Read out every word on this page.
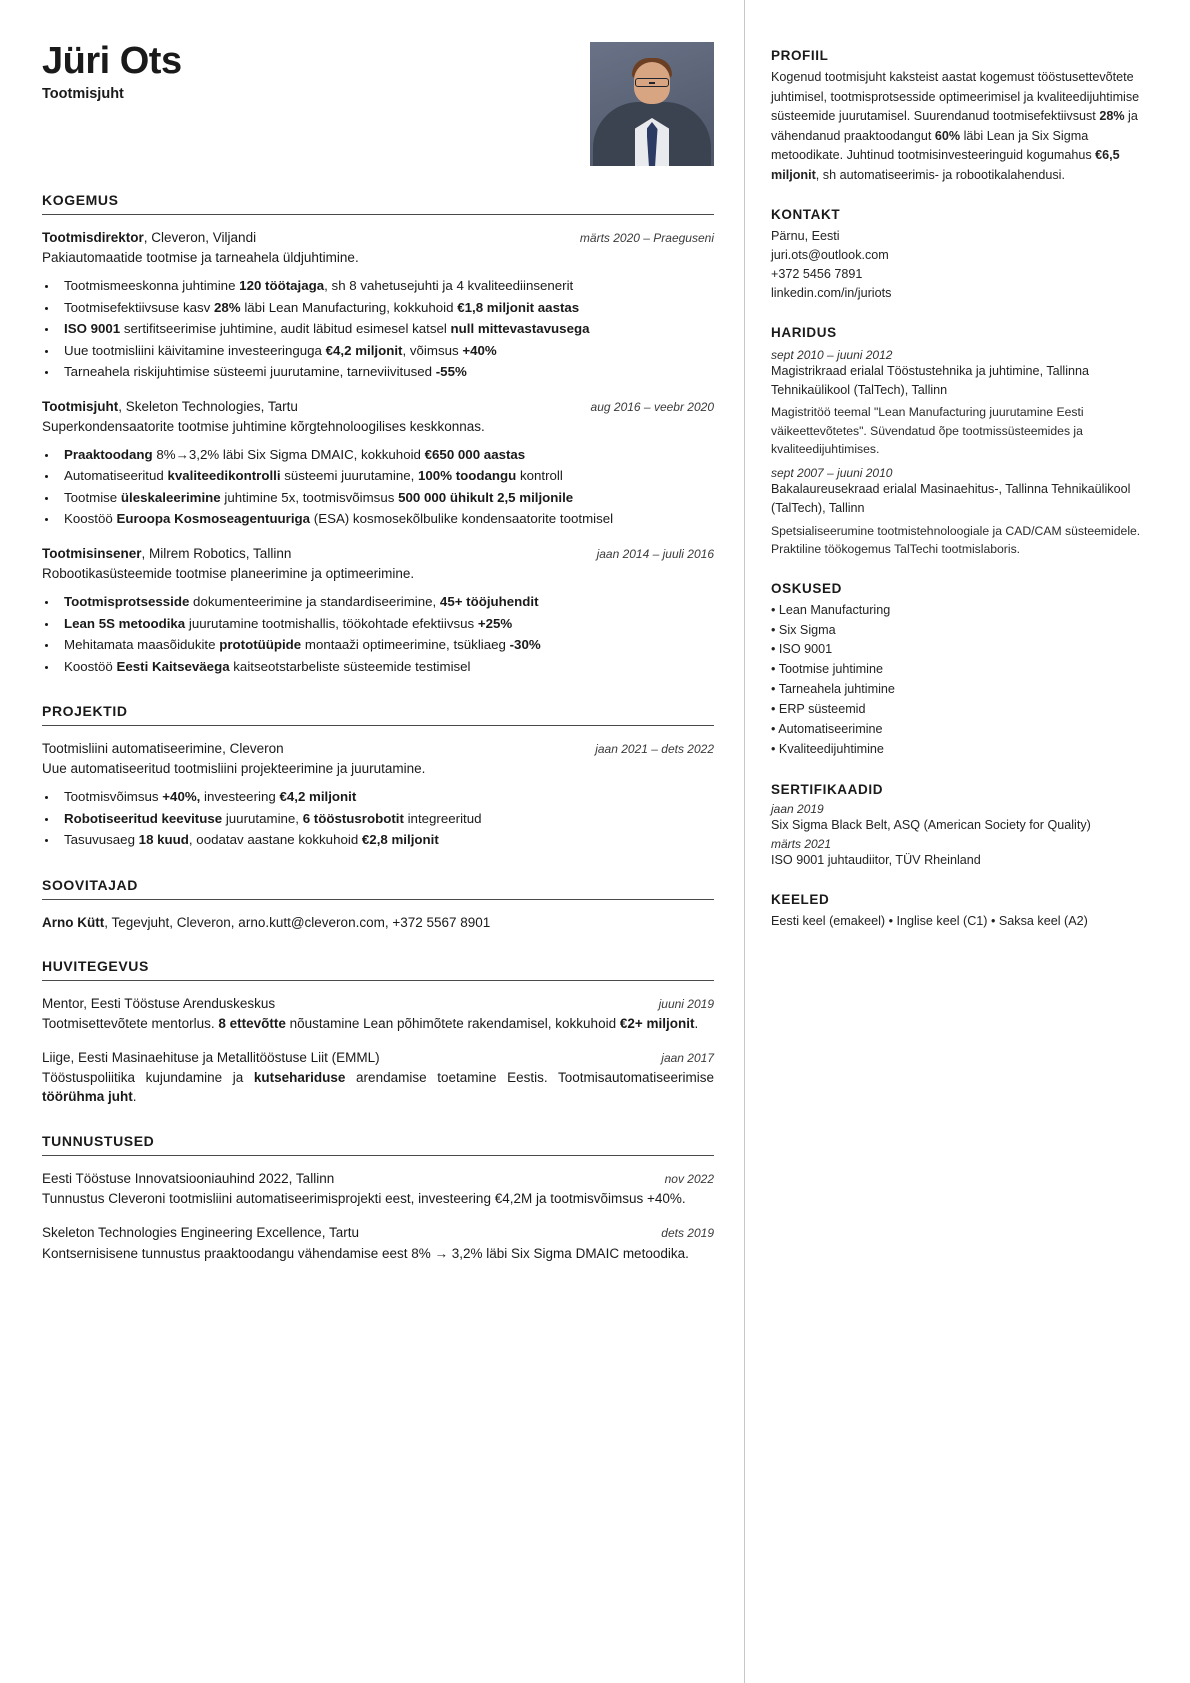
Jüri Ots
Tootmisjuht
KOGEMUS
Tootmisdirektor, Cleveron, Viljandi	märts 2020 – Praeguseni
Pakiautomaatide tootmise ja tarneahela üldjuhtimine.
• Tootmismeeskonna juhtimine 120 töötajaga, sh 8 vahetusejuhti ja 4 kvaliteediinsenerit
• Tootmisefektiivsuse kasv 28% läbi Lean Manufacturing, kokkuhoid €1,8 miljonit aastas
• ISO 9001 sertifitseerimise juhtimine, audit läbitud esimesel katsel null mittevastavusega
• Uue tootmisliini käivitamine investeeringuga €4,2 miljonit, võimsus +40%
• Tarneahela riskijuhtimise süsteemi juurutamine, tarneviivitused -55%
Tootmisjuht, Skeleton Technologies, Tartu	aug 2016 – veebr 2020
Superkondensaatorite tootmise juhtimine kõrgtehnoloogilises keskkonnas.
• Praaktoodang 8%→3,2% läbi Six Sigma DMAIC, kokkuhoid €650 000 aastas
• Automatiseeritud kvaliteedikontrolli süsteemi juurutamine, 100% toodangu kontroll
• Tootmise üleskaleerimine juhtimine 5x, tootmisvõimsus 500 000 ühikult 2,5 miljonile
• Koostöö Euroopa Kosmoseagentuuriga (ESA) kosmosekõlbulike kondensaatorite tootmisel
Tootmisinsener, Milrem Robotics, Tallinn	jaan 2014 – juuli 2016
Robootikasüsteemide tootmise planeerimine ja optimeerimine.
• Tootmisprotsesside dokumenteerimine ja standardiseerimine, 45+ tööjuhendit
• Lean 5S metoodika juurutamine tootmishallis, töökohtade efektiivsus +25%
• Mehitamata maasõidukite prototüüpide montaaži optimeerimine, tsükliaeg -30%
• Koostöö Eesti Kaitseväega kaitseotstarbeliste süsteemide testimisel
PROJEKTID
Tootmisliini automatiseerimine, Cleveron	jaan 2021 – dets 2022
Uue automatiseeritud tootmisliini projekteerimine ja juurutamine.
• Tootmisvõimsus +40%, investeering €4,2 miljonit
• Robotiseeritud keevituse juurutamine, 6 tööstusrobotit integreeritud
• Tasuvusaeg 18 kuud, oodatav aastane kokkuhoid €2,8 miljonit
SOOVITAJAD
Arno Kütt, Tegevjuht, Cleveron, arno.kutt@cleveron.com, +372 5567 8901
HUVITEGEVUS
Mentor, Eesti Tööstuse Arenduskeskus	juuni 2019
Tootmisettevõtete mentorlus. 8 ettevõtte nõustamine Lean põhimõtete rakendamisel, kokkuhoid €2+ miljonit.
Liige, Eesti Masinaehituse ja Metallitööstuse Liit (EMML)	jaan 2017
Tööstuspoliitika kujundamine ja kutsehariduse arendamise toetamine Eestis. Tootmisautomatiseerimise töörühma juht.
TUNNUSTUSED
Eesti Tööstuse Innovatsiooniauhind 2022, Tallinn	nov 2022
Tunnustus Cleveroni tootmisliini automatiseerimisprojekti eest, investeering €4,2M ja tootmisvõimsus +40%.
Skeleton Technologies Engineering Excellence, Tartu	dets 2019
Kontsernisisene tunnustus praaktoodangu vähendamise eest 8% → 3,2% läbi Six Sigma DMAIC metoodika.
PROFIIL
Kogenud tootmisjuht kaksteist aastat kogemust tööstusettevõtete juhtimisel, tootmisprotsesside optimeerimisel ja kvaliteedijuhtimise süsteemide juurutamisel. Suurendanud tootmisefektiivsust 28% ja vähendanud praaktoodangut 60% läbi Lean ja Six Sigma metoodikate. Juhtinud tootmisinvesteeringuid kogumahus €6,5 miljonit, sh automatiseerimis- ja robootikalahendusi.
KONTAKT
Pärnu, Eesti
juri.ots@outlook.com
+372 5456 7891
linkedin.com/in/juriots
HARIDUS
sept 2010 – juuni 2012
Magistrikraad erialal Tööstustehnika ja juhtimine, Tallinna Tehnikaülikool (TalTech), Tallinn
Magistritöö teemal "Lean Manufacturing juurutamine Eesti väikeettevõtetes". Süvendatud õpe tootmissüsteemides ja kvaliteedijuhtimises.
sept 2007 – juuni 2010
Bakalaureusekraad erialal Masinaehitus-, Tallinna Tehnikaülikool (TalTech), Tallinn
Spetsialiseerumine tootmistehnoloogiale ja CAD/CAM süsteemidele. Praktiline töökogemus TalTechi tootmislaboris.
OSKUSED
• Lean Manufacturing
• Six Sigma
• ISO 9001
• Tootmise juhtimine
• Tarneahela juhtimine
• ERP süsteemid
• Automatiseerimine
• Kvaliteedijuhtimine
SERTIFIKAADID
jaan 2019
Six Sigma Black Belt, ASQ (American Society for Quality)
märts 2021
ISO 9001 juhtaudiitor, TÜV Rheinland
KEELED
Eesti keel (emakeel) • Inglise keel (C1) • Saksa keel (A2)
